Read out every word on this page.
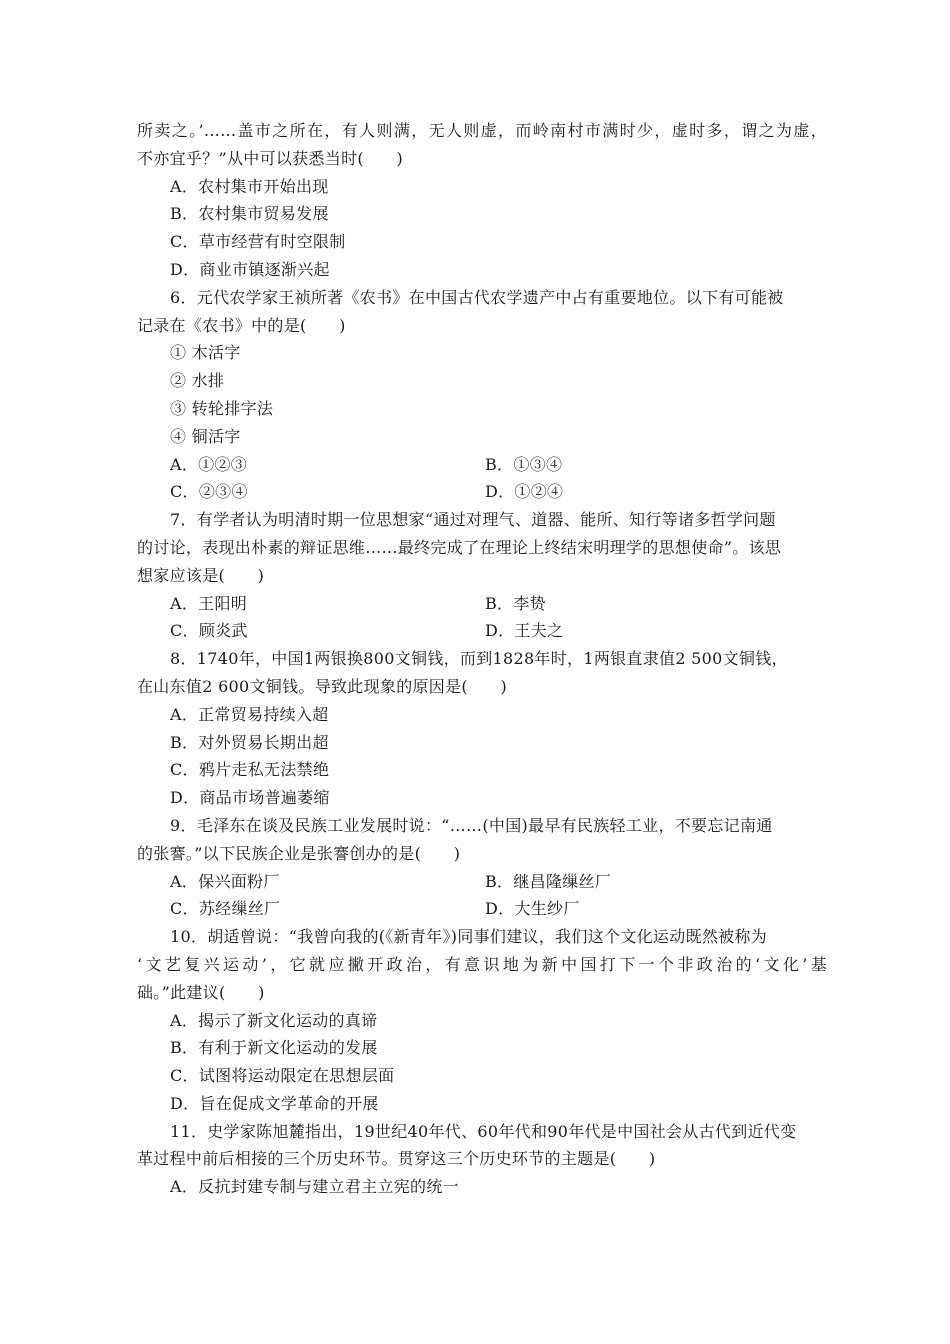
所卖之。’……盖市之所在，有人则满，无人则虚，而岭南村市满时少，虚时多，谓之为虚，
不亦宜乎？”从中可以获悉当时(　　)
A．农村集市开始出现
B．农村集市贸易发展
C．草市经营有时空限制
D．商业市镇逐渐兴起
6．元代农学家王祯所著《农书》在中国古代农学遗产中占有重要地位。以下有可能被
记录在《农书》中的是(　　)
① 木活字
② 水排
③ 转轮排字法
④ 铜活字
A．①②③	B．①③④
C．②③④	D．①②④
7．有学者认为明清时期一位思想家“通过对理气、道器、能所、知行等诸多哲学问题
的讨论，表现出朴素的辩证思维……最终完成了在理论上终结宋明理学的思想使命”。该思
想家应该是(　　)
A．王阳明	B．李贽
C．顾炎武	D．王夫之
8．1740年，中国1两银换800文铜钱，而到1828年时，1两银直隶值2 500文铜钱，
在山东值2 600文铜钱。导致此现象的原因是(　　)
A．正常贸易持续入超
B．对外贸易长期出超
C．鸦片走私无法禁绝
D．商品市场普遍萎缩
9．毛泽东在谈及民族工业发展时说：“……(中国)最早有民族轻工业，不要忘记南通
的张謇。”以下民族企业是张謇创办的是(　　)
A．保兴面粉厂	B．继昌隆缫丝厂
C．苏经缫丝厂	D．大生纱厂
10．胡适曾说：“我曾向我的(《新青年》)同事们建议，我们这个文化运动既然被称为
‘文艺复兴运动’，它就应撇开政治，有意识地为新中国打下一个非政治的‘文化’基
础。”此建议(　　)
A．揭示了新文化运动的真谛
B．有利于新文化运动的发展
C．试图将运动限定在思想层面
D．旨在促成文学革命的开展
11．史学家陈旭麓指出，19世纪40年代、60年代和90年代是中国社会从古代到近代变
革过程中前后相接的三个历史环节。贯穿这三个历史环节的主题是(　　)
A．反抗封建专制与建立君主立宪的统一
